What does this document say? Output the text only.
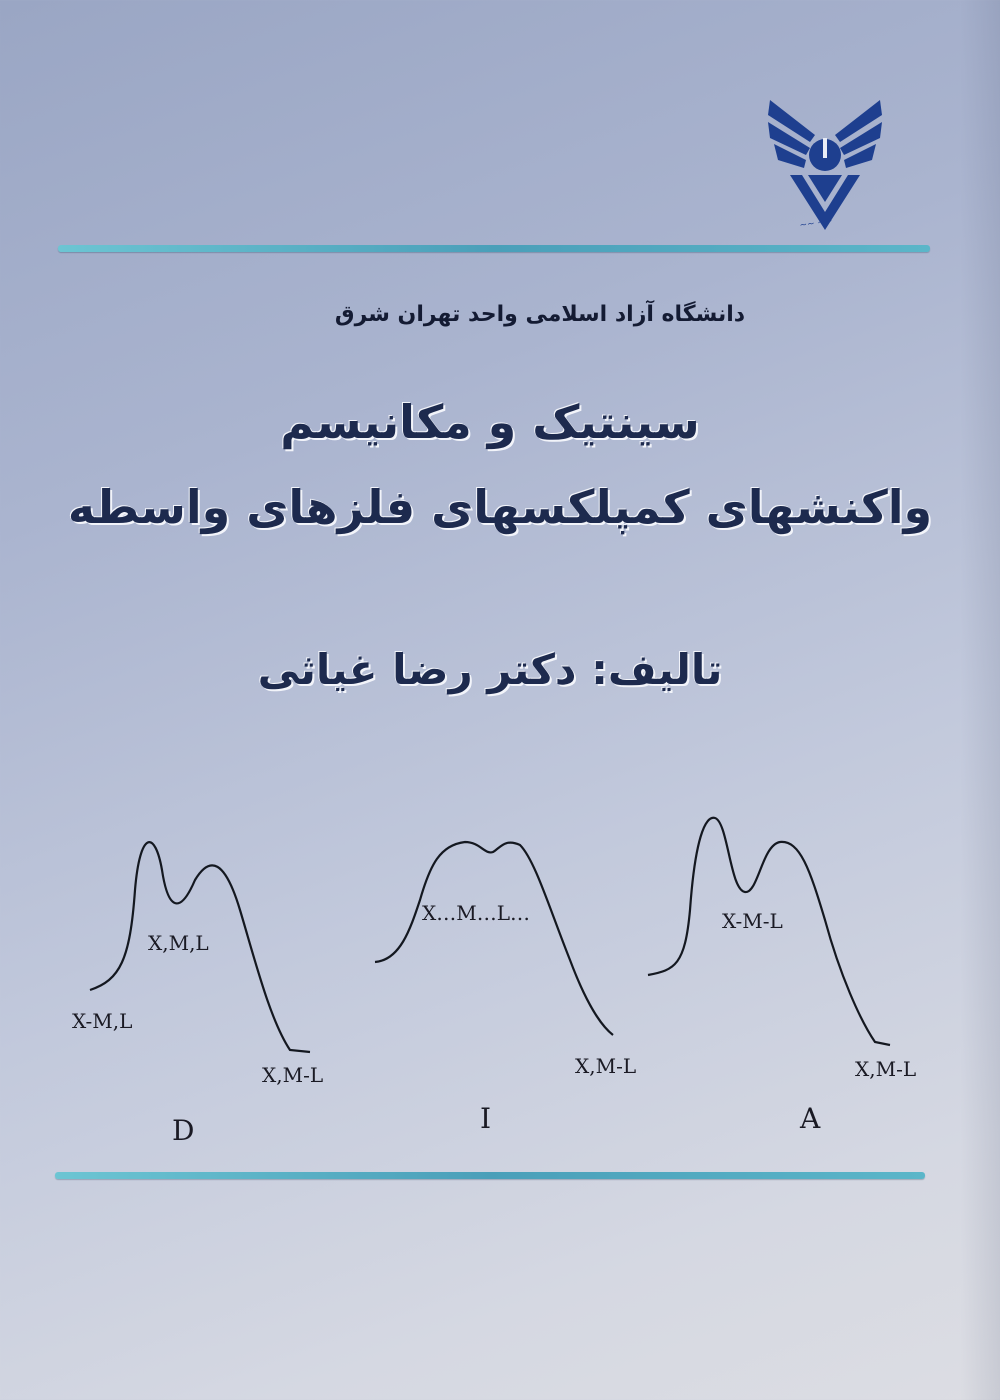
~~ ~~
دانشگاه آزاد اسلامی واحد تهران شرق
سینتیک و مکانیسم
واکنشهای کمپلکسهای فلزهای واسطه
تالیف: دکتر رضا غیاثی
X,M,L
X-M,L
X,M-L
D
X…M…L…
X,M-L
I
X-M-L
X,M-L
A
